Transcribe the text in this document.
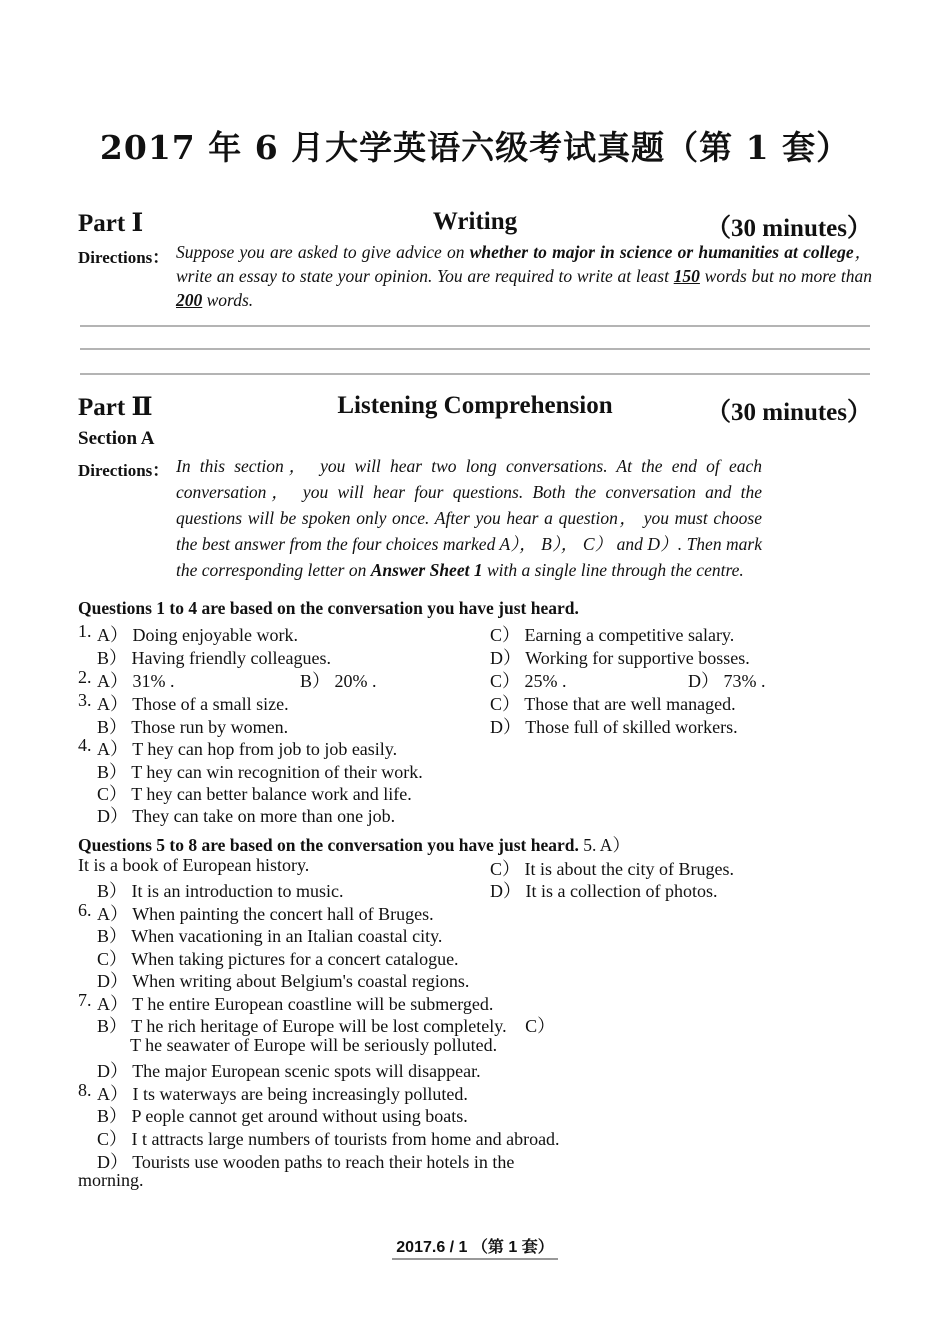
2017 年 6 月大学英语六级考试真题（第 1 套）
Part Ⅰ	Writing	（30 minutes）
Directions： Suppose you are asked to give advice on whether to major in science or humanities at college， write an essay to state your opinion. You are required to write at least 150 words but no more than 200 words.
Part Ⅱ	Listening Comprehension	（30 minutes）
Section A
Directions： In this section， you will hear two long conversations. At the end of each conversation， you will hear four questions. Both the conversation and the questions will be spoken only once. After you hear a question， you must choose the best answer from the four choices marked A）， B）， C） and D）. Then mark the corresponding letter on Answer Sheet 1 with a single line through the centre.
Questions 1 to 4 are based on the conversation you have just heard.
1. A） Doing enjoyable work.	C） Earning a competitive salary.
B） Having friendly colleagues.	D） Working for supportive bosses.
2. A） 31% .	B） 20% .	C） 25% .	D） 73% .
3. A） Those of a small size.	C） Those that are well managed.
B） Those run by women.	D） Those full of skilled workers.
4. A） T hey can hop from job to job easily.
B） T hey can win recognition of their work.
C） T hey can better balance work and life.
D） They can take on more than one job.
Questions 5 to 8 are based on the conversation you have just heard. 5. A）
It is a book of European history.	C） It is about the city of Bruges.
B） It is an introduction to music.	D） It is a collection of photos.
6. A） When painting the concert hall of Bruges.
B） When vacationing in an Italian coastal city.
C） When taking pictures for a concert catalogue.
D） When writing about Belgium's coastal regions.
7. A） T he entire European coastline will be submerged.
B） T he rich heritage of Europe will be lost completely. C）
T he seawater of Europe will be seriously polluted.
D） The major European scenic spots will disappear.
8. A） I ts waterways are being increasingly polluted.
B） P eople cannot get around without using boats.
C） I t attracts large numbers of tourists from home and abroad.
D） Tourists use wooden paths to reach their hotels in the
morning.
2017.6 / 1 （第 1 套）
